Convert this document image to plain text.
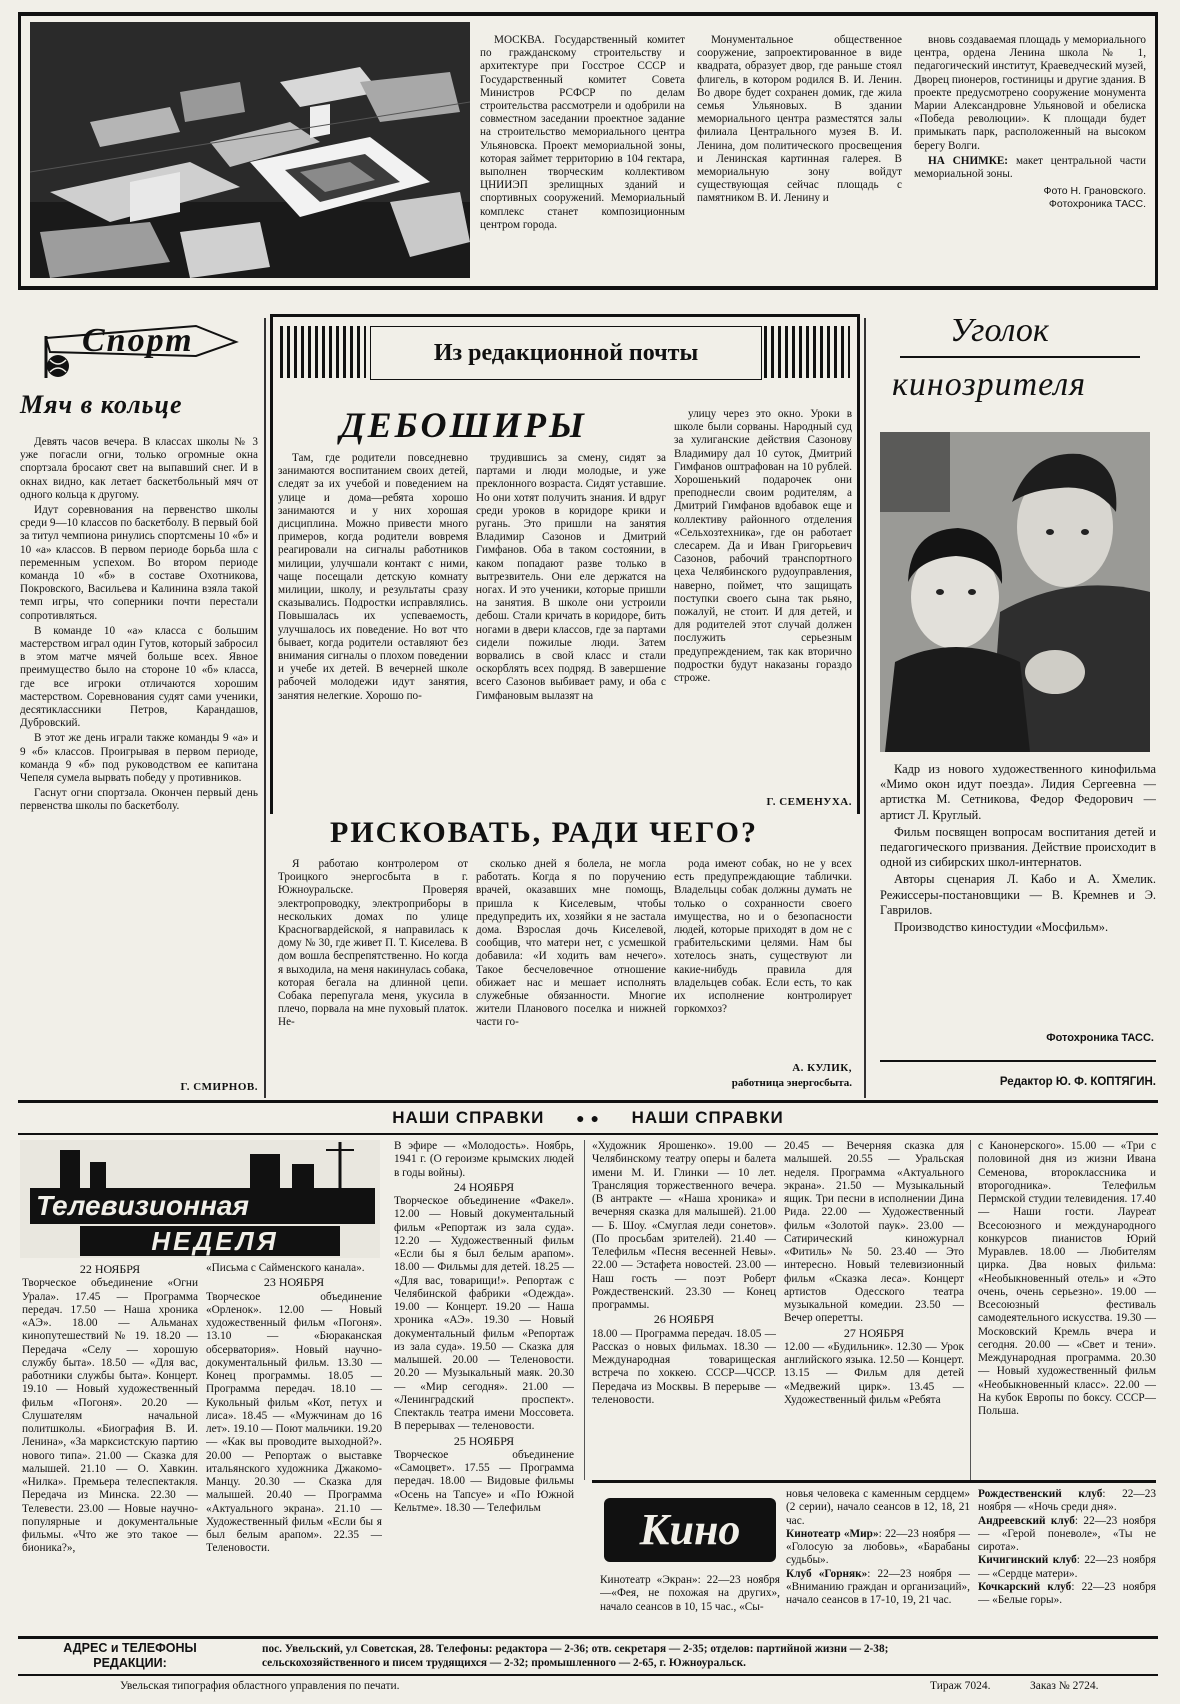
МОСКВА. Государственный комитет по гражданскому строительству и архитектуре при Госстрое СССР и Государственный комитет Совета Министров РСФСР по делам строительства рассмотрели и одобрили на совместном заседании проектное задание на строительство мемориального центра Ульяновска. Проект мемориальной зоны, которая займет территорию в 104 гектара, выполнен творческим коллективом ЦНИИЭП зрелищных зданий и спортивных сооружений. Мемориальный комплекс станет композиционным центром города.

Монументальное общественное сооружение, запроектированное в виде квадрата, образует двор, где раньше стоял флигель, в котором родился В. И. Ленин. Во дворе будет сохранен домик, где жила семья Ульяновых. В здании мемориального центра разместятся залы филиала Центрального музея В. И. Ленина, дом политического просвещения и Ленинская картинная галерея. В мемориальную зону войдут существующая сейчас площадь с памятником В. И. Ленину и

вновь создаваемая площадь у мемориального центра, ордена Ленина школа № 1, педагогический институт, Краеведческий музей, Дворец пионеров, гостиницы и другие здания. В проекте предусмотрено сооружение монумента Марии Александровне Ульяновой и обелиска «Победа революции». К площади будет примыкать парк, расположенный на высоком берегу Волги.

НА СНИМКЕ: макет центральной части мемориальной зоны.

Фото Н. Грановского.
Фотохроника ТАСС.
Спорт
Мяч в кольце

Девять часов вечера. В классах школы № 3 уже погасли огни, только огромные окна спортзала бросают свет на выпавший снег. И в окнах видно, как летает баскетбольный мяч от одного кольца к другому.

Идут соревнования на первенство школы среди 9—10 классов по баскетболу. В первый бой за титул чемпиона ринулись спортсмены 10 «б» и 10 «а» классов. В первом периоде борьба шла с переменным успехом. Во втором периоде команда 10 «б» в составе Охотникова, Покровского, Васильева и Калинина взяла такой темп игры, что соперники почти перестали сопротивляться.

В команде 10 «а» класса с большим мастерством играл один Гутов, который забросил в этом матче мячей больше всех. Явное преимущество было на стороне 10 «б» класса, где все игроки отличаются хорошим мастерством. Соревнования судят сами ученики, десятиклассники Петров, Карандашов, Дубровский.

В этот же день играли также команды 9 «а» и 9 «б» классов. Проигрывая в первом периоде, команда 9 «б» под руководством ее капитана Чепеля сумела вырвать победу у противников.

Гаснут огни спортзала. Окончен первый день первенства школы по баскетболу.

Г. СМИРНОВ.
Из редакционной почты
ДЕБОШИРЫ

Там, где родители повседневно занимаются воспитанием своих детей, следят за их учебой и поведением на улице и дома—ребята хорошо занимаются и у них хорошая дисциплина. Можно привести много примеров, когда родители вовремя реагировали на сигналы работников милиции, улучшали контакт с ними, чаще посещали детскую комнату милиции, школу, и результаты сразу сказывались. Подростки исправлялись. Повышалась их успеваемость, улучшалось их поведение. Но вот что бывает, когда родители оставляют без внимания сигналы о плохом поведении и учебе их детей. В вечерней школе рабочей молодежи идут занятия, занятия нелегкие. Хорошо по-

трудившись за смену, сидят за партами и люди молодые, и уже преклонного возраста. Сидят уставшие. Но они хотят получить знания. И вдруг среди уроков в коридоре крики и ругань. Это пришли на занятия Владимир Сазонов и Дмитрий Гимфанов. Оба в таком состоянии, в каком попадают разве только в вытрезвитель. Они еле держатся на ногах. И это ученики, которые пришли на занятия. В школе они устроили дебош. Стали кричать в коридоре, бить ногами в двери классов, где за партами сидели пожилые люди. Затем ворвались в свой класс и стали оскорблять всех подряд. В завершение всего Сазонов выбивает раму, и оба с Гимфановым вылазят на

улицу через это окно. Уроки в школе были сорваны. Народный суд за хулиганские действия Сазонову Владимиру дал 10 суток, Дмитрий Гимфанов оштрафован на 10 рублей. Хорошенький подарочек они преподнесли своим родителям, а Дмитрий Гимфанов вдобавок еще и коллективу районного отделения «Сельхозтехника», где он работает слесарем. Да и Иван Григорьевич Сазонов, рабочий транспортного цеха Челябинского рудоуправления, наверно, поймет, что защищать поступки своего сына так рьяно, пожалуй, не стоит. И для детей, и для родителей этот случай должен послужить серьезным предупреждением, так как вторично подростки будут наказаны гораздо строже.

Г. СЕМЕНУХА.
РИСКОВАТЬ, РАДИ ЧЕГО?

Я работаю контролером от Троицкого энергосбыта в г. Южноуральске. Проверяя электропроводку, электроприборы в нескольких домах по улице Красногвардейской, я направилась к дому № 30, где живет П. Т. Киселева. В дом вошла беспрепятственно. Но когда я выходила, на меня накинулась собака, которая бегала на длинной цепи. Собака перепугала меня, укусила в плечо, порвала на мне пуховый платок. Не-

сколько дней я болела, не могла работать. Когда я по поручению врачей, оказавших мне помощь, пришла к Киселевым, чтобы предупредить их, хозяйки я не застала дома. Взрослая дочь Киселевой, сообщив, что матери нет, с усмешкой добавила: «И ходить вам нечего». Такое бесчеловечное отношение обижает нас и мешает исполнять служебные обязанности. Многие жители Планового поселка и нижней части го-

рода имеют собак, но не у всех есть предупреждающие таблички. Владельцы собак должны думать не только о сохранности своего имущества, но и о безопасности людей, которые приходят в дом не с грабительскими целями. Нам бы хотелось знать, существуют ли какие-нибудь правила для владельцев собак. Если есть, то как их исполнение контролирует горкомхоз?

А. КУЛИК,
работница энергосбыта.
Уголок
кинозрителя

Кадр из нового художественного кинофильма «Мимо окон идут поезда». Лидия Сергеевна — артистка М. Сетникова, Федор Федорович — артист Л. Круглый.

Фильм посвящен вопросам воспитания детей и педагогического призвания. Действие происходит в одной из сибирских школ-интернатов.

Авторы сценария Л. Кабо и А. Хмелик. Режиссеры-постановщики — В. Кремнев и Э. Гаврилов.

Производство киностудии «Мосфильм».

Фотохроника ТАСС.
Редактор Ю. Ф. КОПТЯГИН.
НАШИ СПРАВКИ ● ● НАШИ СПРАВКИ
Телевизионная
НЕДЕЛЯ
22 НОЯБРЯ
Творческое объединение «Огни Урала». 17.45 — Программа передач. 17.50 — Наша хроника «АЭ». 18.00 — Альманах кинопутешествий № 19. 18.20 — Передача «Селу — хорошую службу быта». 18.50 — «Для вас, работники службы быта». Концерт. 19.10 — Новый художественный фильм «Погоня». 20.20 — Слушателям начальной политшколы. «Биография В. И. Ленина», «За марксистскую партию нового типа». 21.00 — Сказка для малышей. 21.10 — О. Хавкин. «Нилка». Премьера телеспектакля. Передача из Минска. 22.30 — Телевести. 23.00 — Новые научно-популярные и документальные фильмы. «Что же это такое — бионика?»,
«Письма с Сайменского канала».
23 НОЯБРЯ
Творческое объединение «Орленок». 12.00 — Новый художественный фильм «Погоня». 13.10 — «Бюраканская обсерватория». Новый научно-документальный фильм. 13.30 — Конец программы. 18.05 — Программа передач. 18.10 — Кукольный фильм «Кот, петух и лиса». 18.45 — «Мужчинам до 16 лет». 19.10 — Поют мальчики. 19.20 — «Как вы проводите выходной?». 20.00 — Репортаж о выставке итальянского художника Джакомо-Манцу. 20.30 — Сказка для малышей. 20.40 — Программа «Актуального экрана». 21.10 — Художественный фильм «Если бы я был белым арапом». 22.35 — Теленовости.
В эфире — «Молодость». Ноябрь, 1941 г. (О героизме крымских людей в годы войны).
24 НОЯБРЯ
Творческое объединение «Факел». 12.00 — Новый документальный фильм «Репортаж из зала суда». 12.20 — Художественный фильм «Если бы я был белым арапом». 18.00 — Фильмы для детей. 18.25 — «Для вас, товарищи!». Репортаж с Челябинской фабрики «Одежда». 19.00 — Концерт. 19.20 — Наша хроника «АЭ». 19.30 — Новый документальный фильм «Репортаж из зала суда». 19.50 — Сказка для малышей. 20.00 — Теленовости. 20.20 — Музыкальный маяк. 20.30 — «Мир сегодня». 21.00 — «Ленинградский проспект». Спектакль театра имени Моссовета. В перерывах — теленовости.
25 НОЯБРЯ
Творческое объединение «Самоцвет». 17.55 — Программа передач. 18.00 — Видовые фильмы «Осень на Тапсуе» и «По Южной Кельтме». 18.30 — Телефильм
«Художник Ярошенко». 19.00 — Челябинскому театру оперы и балета имени М. И. Глинки — 10 лет. Трансляция торжественного вечера. (В антракте — «Наша хроника» и вечерняя сказка для малышей). 21.00 — Б. Шоу. «Смуглая леди сонетов». (По просьбам зрителей). 21.40 — Телефильм «Песня весенней Невы». 22.00 — Эстафета новостей. 23.00 — Наш гость — поэт Роберт Рождественский. 23.30 — Конец программы.
26 НОЯБРЯ
18.00 — Программа передач. 18.05 — Рассказ о новых фильмах. 18.30 — Международная товарищеская встреча по хоккею. СССР—ЧССР. Передача из Москвы. В перерыве — теленовости.
20.45 — Вечерняя сказка для малышей. 20.55 — Уральская неделя. Программа «Актуального экрана». 21.50 — Музыкальный ящик. Три песни в исполнении Дина Рида. 22.00 — Художественный фильм «Золотой паук». 23.00 — Сатирический киножурнал «Фитиль» № 50. 23.40 — Это интересно. Новый телевизионный фильм «Сказка леса». Концерт артистов Одесского театра музыкальной комедии. 23.50 — Вечер оперетты.
27 НОЯБРЯ
12.00 — «Будильник». 12.30 — Урок английского языка. 12.50 — Концерт. 13.15 — Фильм для детей «Медвежий цирк». 13.45 — Художественный фильм «Ребята
с Канонерского». 15.00 — «Три с половиной дня из жизни Ивана Семенова, второклассника и второгодника». Телефильм Пермской студии телевидения. 17.40 — Наши гости. Лауреат Всесоюзного и международного конкурсов пианистов Юрий Муравлев. 18.00 — Любителям цирка. Два новых фильма: «Необыкновенный отель» и «Это очень, очень серьезно». 19.00 — Всесоюзный фестиваль самодеятельного искусства. 19.30 — Московский Кремль вчера и сегодня. 20.00 — «Свет и тени». Международная программа. 20.30 — Новый художественный фильм «Необыкновенный класс». 22.00 — На кубок Европы по боксу. СССР—Польша.
Кино
Кинотеатр «Экран»: 22—23 ноября—«Фея, не похожая на других», начало сеансов в 10, 15 час., «Сы-
новья человека с каменным сердцем» (2 серии), начало сеансов в 12, 18, 21 час.
Кинотеатр «Мир»: 22—23 ноября — «Голосую за любовь», «Барабаны судьбы».
Клуб «Горняк»: 22—23 ноября — «Вниманию граждан и организаций», начало сеансов в 17-10, 19, 21 час.
Рождественский клуб: 22—23 ноября — «Ночь среди дня».
Андреевский клуб: 22—23 ноября — «Герой поневоле», «Ты не сирота».
Кичигинский клуб: 22—23 ноября — «Сердце матери».
Кочкарский клуб: 22—23 ноября — «Белые горы».
АДРЕС и ТЕЛЕФОНЫ
РЕДАКЦИИ:
пос. Увельский, ул Советская, 28. Телефоны: редактора — 2-36; отв. секретаря — 2-35; отделов: партийной жизни — 2-38;
сельскохозяйственного и писем трудящихся — 2-32; промышленного — 2-65, г. Южноуральск.
Увельская типография областного управления по печати.	Тираж 7024.	Заказ № 2724.
